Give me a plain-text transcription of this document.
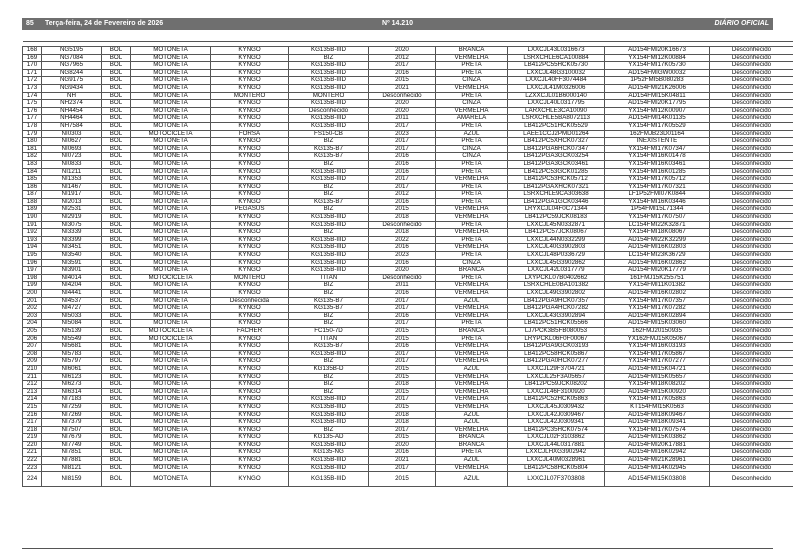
85 Terça-feira, 24 de Fevereiro de 2026	Nº 14.210	DIÁRIO OFICIAL

168	NG5195	BOL	MOTONETA	KYNGO	KG135B-IIID	2020	BRANCA	LXXCJL43L0316673	AD154FMI20K16673	Desconhecido
169	NG7084	BOL	MOTONETA	KYNGO	BIZ	2012	VERMELHA	LSRXCHLE6CA100884	YX154FMI12K00884	Desconhecido
170	NG7965	BOL	MOTONETA	KYNGO	KG135B-IIID	2017	PRETA	LB412PC55HCK05730	YX154FMI17K05730	Desconhecido
171	NG8244	BOL	MOTONETA	KYNGO	KG135B-IIID	2016	PRETA	LXXCJL48G3100032	AD154FMIGW00032	Desconhecido
172	NG9175	BOL	MOTONETA	KYNGO	KG135B-IIID	2015	CINZA	LXXCJL40FF3074484	1P52FMI5B080283	Desconhecido
173	NG9434	BOL	MOTONETA	KYNGO	KG135B-IIID	2021	VERMELHA	LXXCJL41M0326006	AD154FMI21K26006	Desconhecido
174	NH	BOL	MOTONETA	MONTERO	MONTERO	Desconhecido	PRETA	LZXXCJL01B6000140	AD154FMI15K04811	Desconhecido
175	NH2374	BOL	MOTONETA	KYNGO	KG135B-IIID	2020	CINZA	LXXCJL40L0317795	AD154FMI20K17795	Desconhecido
176	NH4454	BOL	MOTONETA	KYNGO	Desconhecido	2020	VERMELHA	LARXCHLE3CA10090	YX154FMI12K00907	Desconhecido
177	NH4464	BOL	MOTONETA	KYNGO	KG135B-IIID	2011	AMARELA	LSRXCHLE5BA8072113	AD154FMI14K01135	Desconhecido
178	NH7584	BOL	MOTONETA	KYNGO	KG135B-IIID	2017	PRETA	LB412PC51HCK05529	YX154FMI17K05529	Desconhecido
179	NI0303	BOL	MOTOCICLETA	FORSA	FS150-CB	2023	AZUL	LAEE1CCJ2PMD01264	162FMJB23D01164	Desconhecido
180	NI0627	BOL	MOTONETA	KYNGO	BIZ	2017	PRETA	LB412PC5XHCK07327	INEXISTENTE	Desconhecido
181	NI0693	BOL	MOTONETA	KYNGO	KG135-B7	2017	CINZA	LB412PGA6HCK07347	YX154FMI17K07347	Desconhecido
182	NI0723	BOL	MOTONETA	KYNGO	KG135-B7	2016	CINZA	LB412PGA3GCK03254	YX154FMI16K01478	Desconhecido
183	NI0833	BOL	MOTONETA	KYNGO	BIZ	2016	PRETA	LB412PGA3GCK03461	YX154FMI16K03461	Desconhecido
184	NI1211	BOL	MOTONETA	KYNGO	KG135B-IIID	2016	PRETA	LB412PC53GCK01285	YX154FMI16K01285	Desconhecido
185	NI1353	BOL	MOTONETA	KYNGO	KG135B-IIID	2017	VERMELHA	LB412PC53HCK05712	YX154FMI17K05712	Desconhecido
186	NI1467	BOL	MOTONETA	KYNGO	BIZ	2017	PRETA	LB412PGAXHCK07321	YX154FMI17K07321	Desconhecido
187	NI1917	BOL	MOTONETA	KYNGO	BIZ	2012	PRETA	LSRXCHLE9CA303638	LF1P52FMI07K0844	Desconhecido
188	NI2013	BOL	MOTONETA	KYNGO	KG135-B7	2016	PRETA	LB412PGA1GCK03446	YX154FMI16K03446	Desconhecido
189	NI2531	BOL	MOTONETA	PEGASUS	BIZ	2015	VERMELHA	LRYXCJL04F0C71344	1P54FMI15L71344	Desconhecido
190	NI2919	BOL	MOTONETA	KYNGO	KG135B-IIID	2018	VERMELHA	LB412PC59JCK08183	YX154FMI17K07507	Desconhecido
191	NI3075	BOL	MOTONETA	KYNGO	KG135B-IIID	Desconhecido	PRETA	LXXCJL45N0332871	LC154FMI22K32871	Desconhecido
192	NI3339	BOL	MOTONETA	KYNGO	BIZ	2018	VERMELHA	LB412PC57JCK08067	YX154FMI18K08067	Desconhecido
193	NI3399	BOL	MOTONETA	KYNGO	KG135B-IIID	2022	PRETA	LXXCJL44N0332299	AD154FMI22K32299	Desconhecido
194	NI3451	BOL	MOTONETA	KYNGO	KG135B-IIID	2016	VERMELHA	LXXCJL40G3902803	AD154FMI16K02803	Desconhecido
195	NI3540	BOL	MOTONETA	KYNGO	KG135B-IIID	2023	PRETA	LXXCJL48P0336729	LC154FMI23K36729	Desconhecido
196	NI3591	BOL	MOTONETA	KYNGO	KG135B-IIID	2016	CINZA	LXXCJL45G3902862	AD154FMI16K02862	Desconhecido
197	NI3901	BOL	MOTONETA	KYNGO	KG135B-IIID	2020	BRANCA	LXXCJL42L0317779	AD154FMI20K17779	Desconhecido
198	NI4014	BOL	MOTOCICLETA	MONTERO	TITAN	Desconhecido	PRETA	LXYPCKL07B0402662	161FMJ15K255751	Desconhecido
199	NI4204	BOL	MOTONETA	KYNGO	BIZ	2011	VERMELHA	LSRXCHLE0BA101382	YX154FMI11K01382	Desconhecido
200	NI4441	BOL	MOTONETA	KYNGO	BIZ	2016	VERMELHA	LXXCJL49G3902802	AD154FMI16K02802	Desconhecido
201	NI4537	BOL	MOTONETA	Desconhecida	KG135-B7	2017	AZUL	LB412PGA9HCK07357	YX154FMI17K07357	Desconhecido
202	NI4727	BOL	MOTONETA	KYNGO	KG135-B7	2017	VERMELHA	LB412PGA4HCK07282	YX154FMI17K07282	Desconhecido
203	NI5033	BOL	MOTONETA	KYNGO	BIZ	2016	VERMELHA	LXXCJL43G3902894	AD154FMI16K02894	Desconhecido
204	NI5084	BOL	MOTONETA	KYNGO	BIZ	2017	PRETA	LB412PC51HCK05566	AD154FMI15K03060	Desconhecido
205	NI5139	BOL	MOTOCICLETA	FACHER	FC150-7D	2015	BRANCA	LJ7PCK3B5FB080053	162FMJ20150935	Desconhecido
206	NI5549	BOL	MOTOCICLETA	KYNGO	TITAN	2015	PRETA	LRYPCKL06F0F00067	YX162FMJ15K05067	Desconhecido
207	NI5681	BOL	MOTONETA	KYNGO	KG135-B7	2016	VERMELHA	LB412PGA9GCK03193	YX154FMI16K03193	Desconhecido
208	NI5783	BOL	MOTONETA	KYNGO	KG135B-IIID	2017	VERMELHA	LB412PC58HCK05867	YX154FMI17K05867	Desconhecido
209	NI5797	BOL	MOTONETA	KYNGO	BIZ	2017	VERMELHA	LB412PGA0HCK07277	YX154FMI17K07277	Desconhecido
210	NI6061	BOL	MOTONETA	KYNGO	KG135B-D	2015	AZUL	LXXCJL29F3704721	AD154FMI15K04721	Desconhecido
211	NI6123	BOL	MOTONETA	KYNGO	BIZ	2015	VERMELHA	LXXCJL25F3A05657	AD154FMI15K05657	Desconhecido
212	NI6273	BOL	MOTONETA	KYNGO	BIZ	2018	VERMELHA	LB412PC59JCK08202	YX154FMI18K08202	Desconhecido
213	NI6314	BOL	MOTONETA	KYNGO	BIZ	2015	VERMELHA	LXXCJL46F3100920	AD154FMI15K00920	Desconhecido
214	NI7183	BOL	MOTONETA	KYNGO	KG135B-IIID	2017	VERMELHA	LB412PC52HCK05863	YX154FMI17K05863	Desconhecido
215	NI7259	BOL	MOTONETA	KYNGO	KG135B-IIID	2015	VERMELHA	LXXCJL45J0309432	KT154FMI15K0563	Desconhecido
216	NI7269	BOL	MOTONETA	KYNGO	KG135B-IIID	2018	AZUL	LXXCJL42J0309467	AD154FMI18K09467	Desconhecido
217	NI7379	BOL	MOTONETA	KYNGO	KG135B-IIID	2018	AZUL	LXXCJL42J0309341	AD154FMI18K09341	Desconhecido
218	NI7507	BOL	MOTONETA	KYNGO	BIZ	2017	VERMELHA	LB412PC35HCK07574	YX154FMI17K07574	Desconhecido
219	NI7679	BOL	MOTONETA	KYNGO	KG135-AD	2015	BRANCA	LXXCJL02F3103862	AD154FMI15K03862	Desconhecido
220	NI7749	BOL	MOTONETA	KYNGO	KG135B-IIID	2020	BRANCA	LXXCJL44L0317881	AD154FMI20K17881	Desconhecido
221	NI7851	BOL	MOTONETA	KYNGO	KG135-NG	2016	PRETA	LXXCJLHXG3902942	AD154FMI16K02942	Desconhecido
222	NI7881	BOL	MOTONETA	KYNGO	KG135B-IIID	2021	AZUL	LXXCJL40M0328961	AD154FMI21K28961	Desconhecido
223	NI8121	BOL	MOTONETA	KYNGO	KG135B-IIID	2017	VERMELHA	LB412PC58HCK05804	AD154FMI14K02945	Desconhecido
224	NI8159	BOL	MOTONETA	KYNGO	KG135B-IIID	2015	AZUL	LXXCJL07F3703808	AD154FMI15K03808	Desconhecido
